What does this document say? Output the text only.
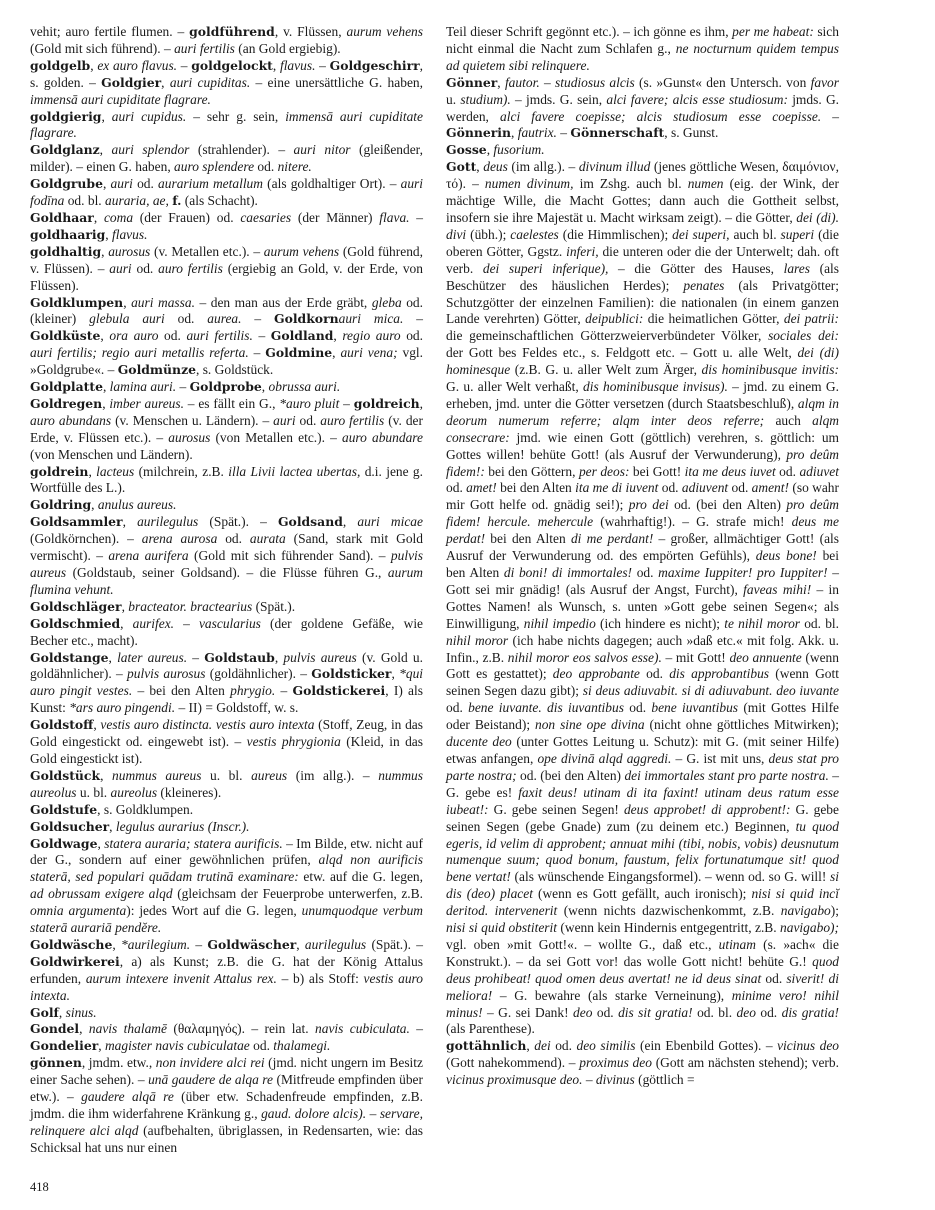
vehit; auro fertile flumen. – goldführend, v. Flüssen, aurum vehens (Gold mit sich führend). – auri fertilis (an Gold ergiebig).

goldgelb, ex auro flavus. – goldgelockt, flavus. – Goldgeschirr, s. golden. – Goldgier, auri cupiditas. – eine unersättliche G. haben, immensā auri cupiditate flagrare.

goldgierig, auri cupidus. – sehr g. sein, immensā auri cupiditate flagrare.

Goldglanz, auri splendor (strahlender). – auri nitor (gleißender, milder). – einen G. haben, auro splendere od. nitere.

Goldgrube, auri od. aurarium metallum (als goldhaltiger Ort). – auri fodīna od. bl. auraria, ae, f. (als Schacht).

Goldhaar, coma (der Frauen) od. caesaries (der Männer) flava. – goldhaarig, flavus.

goldhaltig, aurosus (v. Metallen etc.). – aurum vehens (Gold führend, v. Flüssen). – auri od. auro fertilis (ergiebig an Gold, v. der Erde, von Flüssen).

Goldklumpen, auri massa. – den man aus der Erde gräbt, gleba od. (kleiner) glebula auri od. aurea. – Goldkornauri mica. – Goldküste, ora auro od. auri fertilis. – Goldland, regio auro od. auri fertilis; regio auri metallis referta. – Goldmine, auri vena; vgl. »Goldgrube«. – Goldmünze, s. Goldstück.

Goldplatte, lamina auri. – Goldprobe, obrussa auri.

Goldregen, imber aureus. – es fällt ein G., *auro pluit – goldreich, auro abundans (v. Menschen u. Ländern). – auri od. auro fertilis (v. der Erde, v. Flüssen etc.). – aurosus (von Metallen etc.). – auro abundare (von Menschen und Ländern).

goldrein, lacteus (milchrein, z.B. illa Livii lactea ubertas, d.i. jene g. Wortfülle des L.).

Goldring, anulus aureus.

Goldsammler, aurilegulus (Spät.). – Goldsand, auri micae (Goldkörnchen). – arena aurosa od. aurata (Sand, stark mit Gold vermischt). – arena aurifera (Gold mit sich führender Sand). – pulvis aureus (Goldstaub, seiner Goldsand). – die Flüsse führen G., aurum flumina vehunt.

Goldschläger, bracteator. bractearius (Spät.).

Goldschmied, aurifex. – vascularius (der goldene Gefäße, wie Becher etc., macht).

Goldstange, later aureus. – Goldstaub, pulvis aureus (v. Gold u. goldähnlicher). – pulvis aurosus (goldähnlicher). – Goldsticker, *qui auro pingit vestes. – bei den Alten phrygio. – Goldstickerei, I) als Kunst: *ars auro pingendi. – II) = Goldstoff, w. s.

Goldstoff, vestis auro distincta. vestis auro intexta (Stoff, Zeug, in das Gold eingestickt od. eingewebt ist). – vestis phrygionia (Kleid, in das Gold eingestickt ist).

Goldstück, nummus aureus u. bl. aureus (im allg.). – nummus aureolus u. bl. aureolus (kleineres).

Goldstufe, s. Goldklumpen.

Goldsucher, legulus aurarius (Inscr.).

Goldwage, statera auraria; statera aurificis. – Im Bilde, etw. nicht auf der G., sondern auf einer gewöhnlichen prüfen, alqd non aurificis staterā, sed populari quādam trutinā examinare: etw. auf die G. legen, ad obrussam exigere alqd (gleichsam der Feuerprobe unterwerfen, z.B. omnia argumenta): jedes Wort auf die G. legen, unumquodque verbum staterā aurariā pendĕre.

Goldwäsche, *aurilegium. – Goldwäscher, aurilegulus (Spät.). – Goldwirkerei, a) als Kunst; z.B. die G. hat der König Attalus erfunden, aurum intexere invenit Attalus rex. – b) als Stoff: vestis auro intexta.

Golf, sinus.

Gondel, navis thalamē (θαλαμηγός). – rein lat. navis cubiculata. – Gondelier, magister navis cubiculatae od. thalamegi.

gönnen, jmdm. etw., non invidere alci rei (jmd. nicht ungern im Besitz einer Sache sehen). – unā gaudere de alqa re (Mitfreude empfinden über etw.). – gaudere alqā re (über etw. Schadenfreude empfinden, z.B. jmdm. die ihm widerfahrene Kränkung g., gaud. dolore alcis). – servare, relinquere alci alqd (aufbehalten, übriglassen, in Redensarten, wie: das Schicksal hat uns nur einen

Teil dieser Schrift gegönnt etc.). – ich gönne es ihm, per me habeat: sich nicht einmal die Nacht zum Schlafen g., ne nocturnum quidem tempus ad quietem sibi relinquere.

Gönner, fautor. – studiosus alcis (s. »Gunst« den Untersch. von favor u. studium). – jmds. G. sein, alci favere; alcis esse studiosum: jmds. G. werden, alci favere coepisse; alcis studiosum esse coepisse. – Gönnerin, fautrix. – Gönnerschaft, s. Gunst.

Gosse, fusorium.

Gott, deus (im allg.). – divinum illud (jenes göttliche Wesen, δαιμόνιον, τό). – numen divinum, im Zshg. auch bl. numen (eig. der Wink, der mächtige Wille, die Macht Gottes; dann auch die Gottheit selbst, insofern sie ihre Majestät u. Macht wirksam zeigt). – die Götter, dei (di). divi (übh.); caelestes (die Himmlischen); dei superi, auch bl. superi (die oberen Götter, Ggstz. inferi, die unteren oder die der Unterwelt; dah. oft verb. dei superi inferique), – die Götter des Hauses, lares (als Beschützer des häuslichen Herdes); penates (als Privatgötter; Schutzgötter der einzelnen Familien): die nationalen (in einem ganzen Lande verehrten) Götter, deipublici: die heimatlichen Götter, dei patrii: die gemeinschaftlichen Götterzweierverbündeter Völker, sociales dei: der Gott bes Feldes etc., s. Feldgott etc. – Gott u. alle Welt, dei (di) hominesque (z.B. G. u. aller Welt zum Ärger, dis hominibusque invitis: G. u. aller Welt verhaßt, dis hominibusque invisus). – jmd. zu einem G. erheben, jmd. unter die Götter versetzen (durch Staatsbeschluß), alqm in deorum numerum referre; alqm inter deos referre; auch alqm consecrare: jmd. wie einen Gott (göttlich) verehren, s. göttlich: um Gottes willen! behüte Gott! (als Ausruf der Verwunderung), pro deûm fidem!: bei den Göttern, per deos: bei Gott! ita me deus iuvet od. adiuvet od. amet! bei den Alten ita me di iuvent od. adiuvent od. ament! (so wahr mir Gott helfe od. gnädig sei!); pro dei od. (bei den Alten) pro deûm fidem! hercule. mehercule (wahrhaftig!). – G. strafe mich! deus me perdat! bei den Alten di me perdant! – großer, allmächtiger Gott! (als Ausruf der Verwunderung od. des empörten Gefühls), deus bone! bei ben Alten di boni! di immortales! od. maxime Iuppiter! pro Iuppiter! – Gott sei mir gnädig! (als Ausruf der Angst, Furcht), faveas mihi! – in Gottes Namen! als Wunsch, s. unten »Gott gebe seinen Segen«; als Einwilligung, nihil impedio (ich hindere es nicht); te nihil moror od. bl. nihil moror (ich habe nichts dagegen; auch »daß etc.« mit folg. Akk. u. Infin., z.B. nihil moror eos salvos esse). – mit Gott! deo annuente (wenn Gott es gestattet); deo approbante od. dis approbantibus (wenn Gott seinen Segen dazu gibt); si deus adiuvabit. si di adiuvabunt. deo iuvante od. bene iuvante. dis iuvantibus od. bene iuvantibus (mit Gottes Hilfe oder Beistand); non sine ope divina (nicht ohne göttliches Mitwirken); ducente deo (unter Gottes Leitung u. Schutz): mit G. (mit seiner Hilfe) etwas anfangen, ope divinā alqd aggredi. – G. ist mit uns, deus stat pro parte nostra; od. (bei den Alten) dei immortales stant pro parte nostra. – G. gebe es! faxit deus! utinam di ita faxint! utinam deus ratum esse iubeat!: G. gebe seinen Segen! deus approbet! di approbent!: G. gebe seinen Segen (gebe Gnade) zum (zu deinem etc.) Beginnen, tu quod egeris, id velim di approbent; annuat mihi (tibi, nobis, vobis) deusnutum numenque suum; quod bonum, faustum, felix fortunatumque sit! quod bene vertat! (als wünschende Eingangsformel). – wenn od. so G. will! si dis (deo) placet (wenn es Gott gefällt, auch ironisch); nisi si quid incĭ deritod. intervenerit (wenn nichts dazwischenkommt, z.B. navigabo); nisi si quid obstiterit (wenn kein Hindernis entgegentritt, z.B. navigabo); vgl. oben »mit Gott!«. – wollte G., daß etc., utinam (s. »ach« die Konstrukt.). – da sei Gott vor! das wolle Gott nicht! behüte G.! quod deus prohibeat! quod omen deus avertat! ne id deus sinat od. siverit! di meliora! – G. bewahre (als starke Verneinung), minime vero! nihil minus! – G. sei Dank! deo od. dis sit gratia! od. bl. deo od. dis gratia! (als Parenthese).

gottähnlich, dei od. deo similis (ein Ebenbild Gottes). – vicinus deo (Gott nahekommend). – proximus deo (Gott am nächsten stehend); verb. vicinus proximusque deo. – divinus (göttlich =

418
